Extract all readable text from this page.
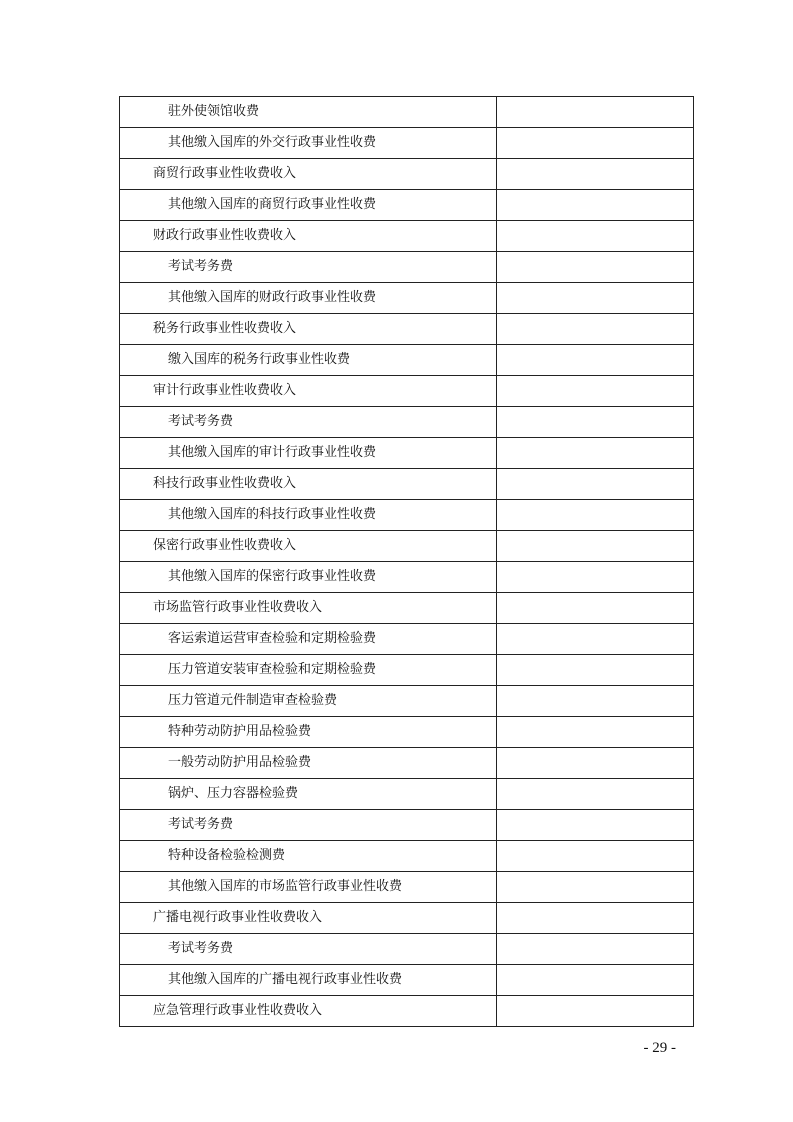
驻外使领馆收费	
其他缴入国库的外交行政事业性收费	
商贸行政事业性收费收入	
其他缴入国库的商贸行政事业性收费	
财政行政事业性收费收入	
考试考务费	
其他缴入国库的财政行政事业性收费	
税务行政事业性收费收入	
缴入国库的税务行政事业性收费	
审计行政事业性收费收入	
考试考务费	
其他缴入国库的审计行政事业性收费	
科技行政事业性收费收入	
其他缴入国库的科技行政事业性收费	
保密行政事业性收费收入	
其他缴入国库的保密行政事业性收费	
市场监管行政事业性收费收入	
客运索道运营审查检验和定期检验费	
压力管道安装审查检验和定期检验费	
压力管道元件制造审查检验费	
特种劳动防护用品检验费	
一般劳动防护用品检验费	
锅炉、压力容器检验费	
考试考务费	
特种设备检验检测费	
其他缴入国库的市场监管行政事业性收费	
广播电视行政事业性收费收入	
考试考务费	
其他缴入国库的广播电视行政事业性收费	
应急管理行政事业性收费收入	
- 29 -
